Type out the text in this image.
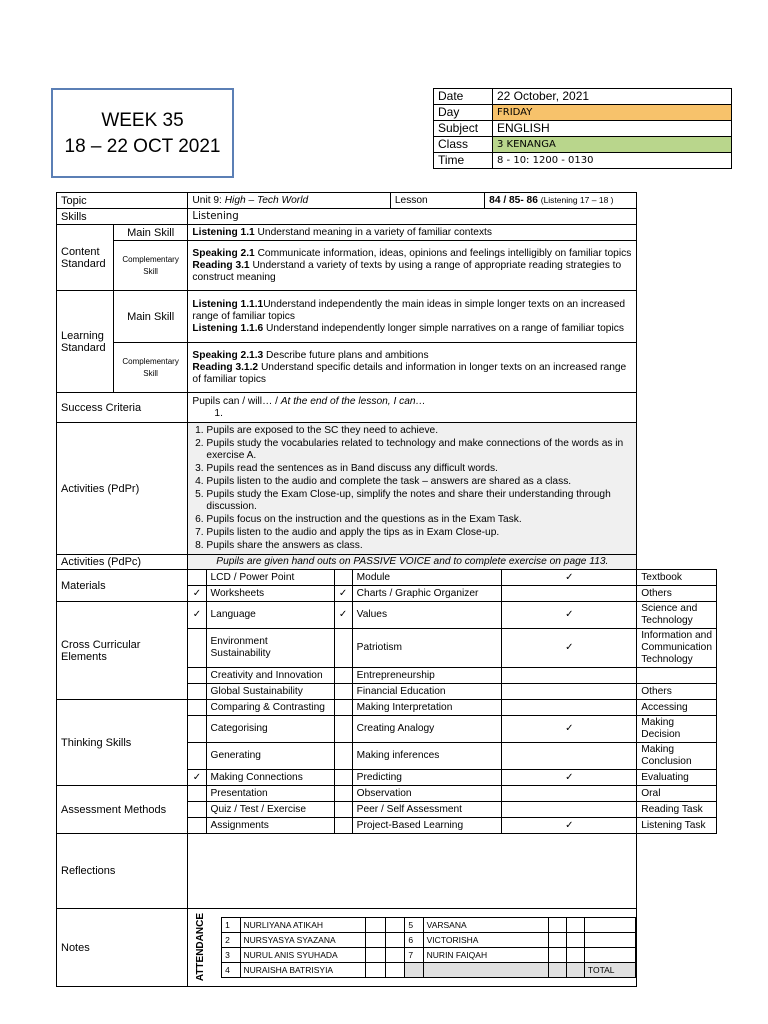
WEEK 35
18 – 22 OCT 2021
Date	22 October, 2021
Day	FRIDAY
Subject	ENGLISH
Class	3 KENANGA
Time	8 - 10: 1200 - 0130
Topic	Unit 9: High – Tech World	Lesson	84 / 85- 86 (Listening 17 – 18 )
Skills	Listening
Content Standard	Main Skill	Listening 1.1 Understand meaning in a variety of familiar contexts
Complementary Skill	Speaking 2.1 Communicate information, ideas, opinions and feelings intelligibly on familiar topics
Reading 3.1 Understand a variety of texts by using a range of appropriate reading strategies to construct meaning
Learning Standard	Main Skill	Listening 1.1.1Understand independently the main ideas in simple longer texts on an increased range of familiar topics
Listening 1.1.6 Understand independently longer simple narratives on a range of familiar topics
Complementary Skill	Speaking 2.1.3 Describe future plans and ambitions
Reading 3.1.2 Understand specific details and information in longer texts on an increased range of familiar topics
Success Criteria	Pupils can / will… / At the end of the lesson, I can…
1.
Activities (PdPr)	
1. Pupils are exposed to the SC they need to achieve.
2. Pupils study the vocabularies related to technology and make connections of the words as in exercise A.
3. Pupils read the sentences as in Band discuss any difficult words.
4. Pupils listen to the audio and complete the task – answers are shared as a class.
5. Pupils study the Exam Close-up, simplify the notes and share their understanding through discussion.
6. Pupils focus on the instruction and the questions as in the Exam Task.
7. Pupils listen to the audio and apply the tips as in Exam Close-up.
8. Pupils share the answers as class.

Activities (PdPc)	Pupils are given hand outs on PASSIVE VOICE and to complete exercise on page 113.
Materials		LCD / Power Point		Module	✓	Textbook
✓	Worksheets	✓	Charts / Graphic Organizer		Others
Cross Curricular Elements	✓	Language	✓	Values	✓	Science and Technology
	Environment Sustainability		Patriotism	✓	Information and Communication Technology
	Creativity and Innovation		Entrepreneurship		
	Global Sustainability		Financial Education		Others
Thinking Skills		Comparing & Contrasting		Making Interpretation		Accessing
	Categorising		Creating Analogy	✓	Making Decision
	Generating		Making inferences		Making Conclusion
✓	Making Connections		Predicting	✓	Evaluating
Assessment Methods		Presentation		Observation		Oral
	Quiz / Test / Exercise		Peer / Self Assessment		Reading Task
	Assignments		Project-Based Learning	✓	Listening Task
Reflections	
Notes	ATTENDANCE 1	NURLIYANA ATIKAH			5	VARSANA			
2	NURSYASYA SYAZANA			6	VICTORISHA			
3	NURUL ANIS SYUHADA			7	NURIN FAIQAH			
4	NURAISHA BATRISYIA							TOTAL
